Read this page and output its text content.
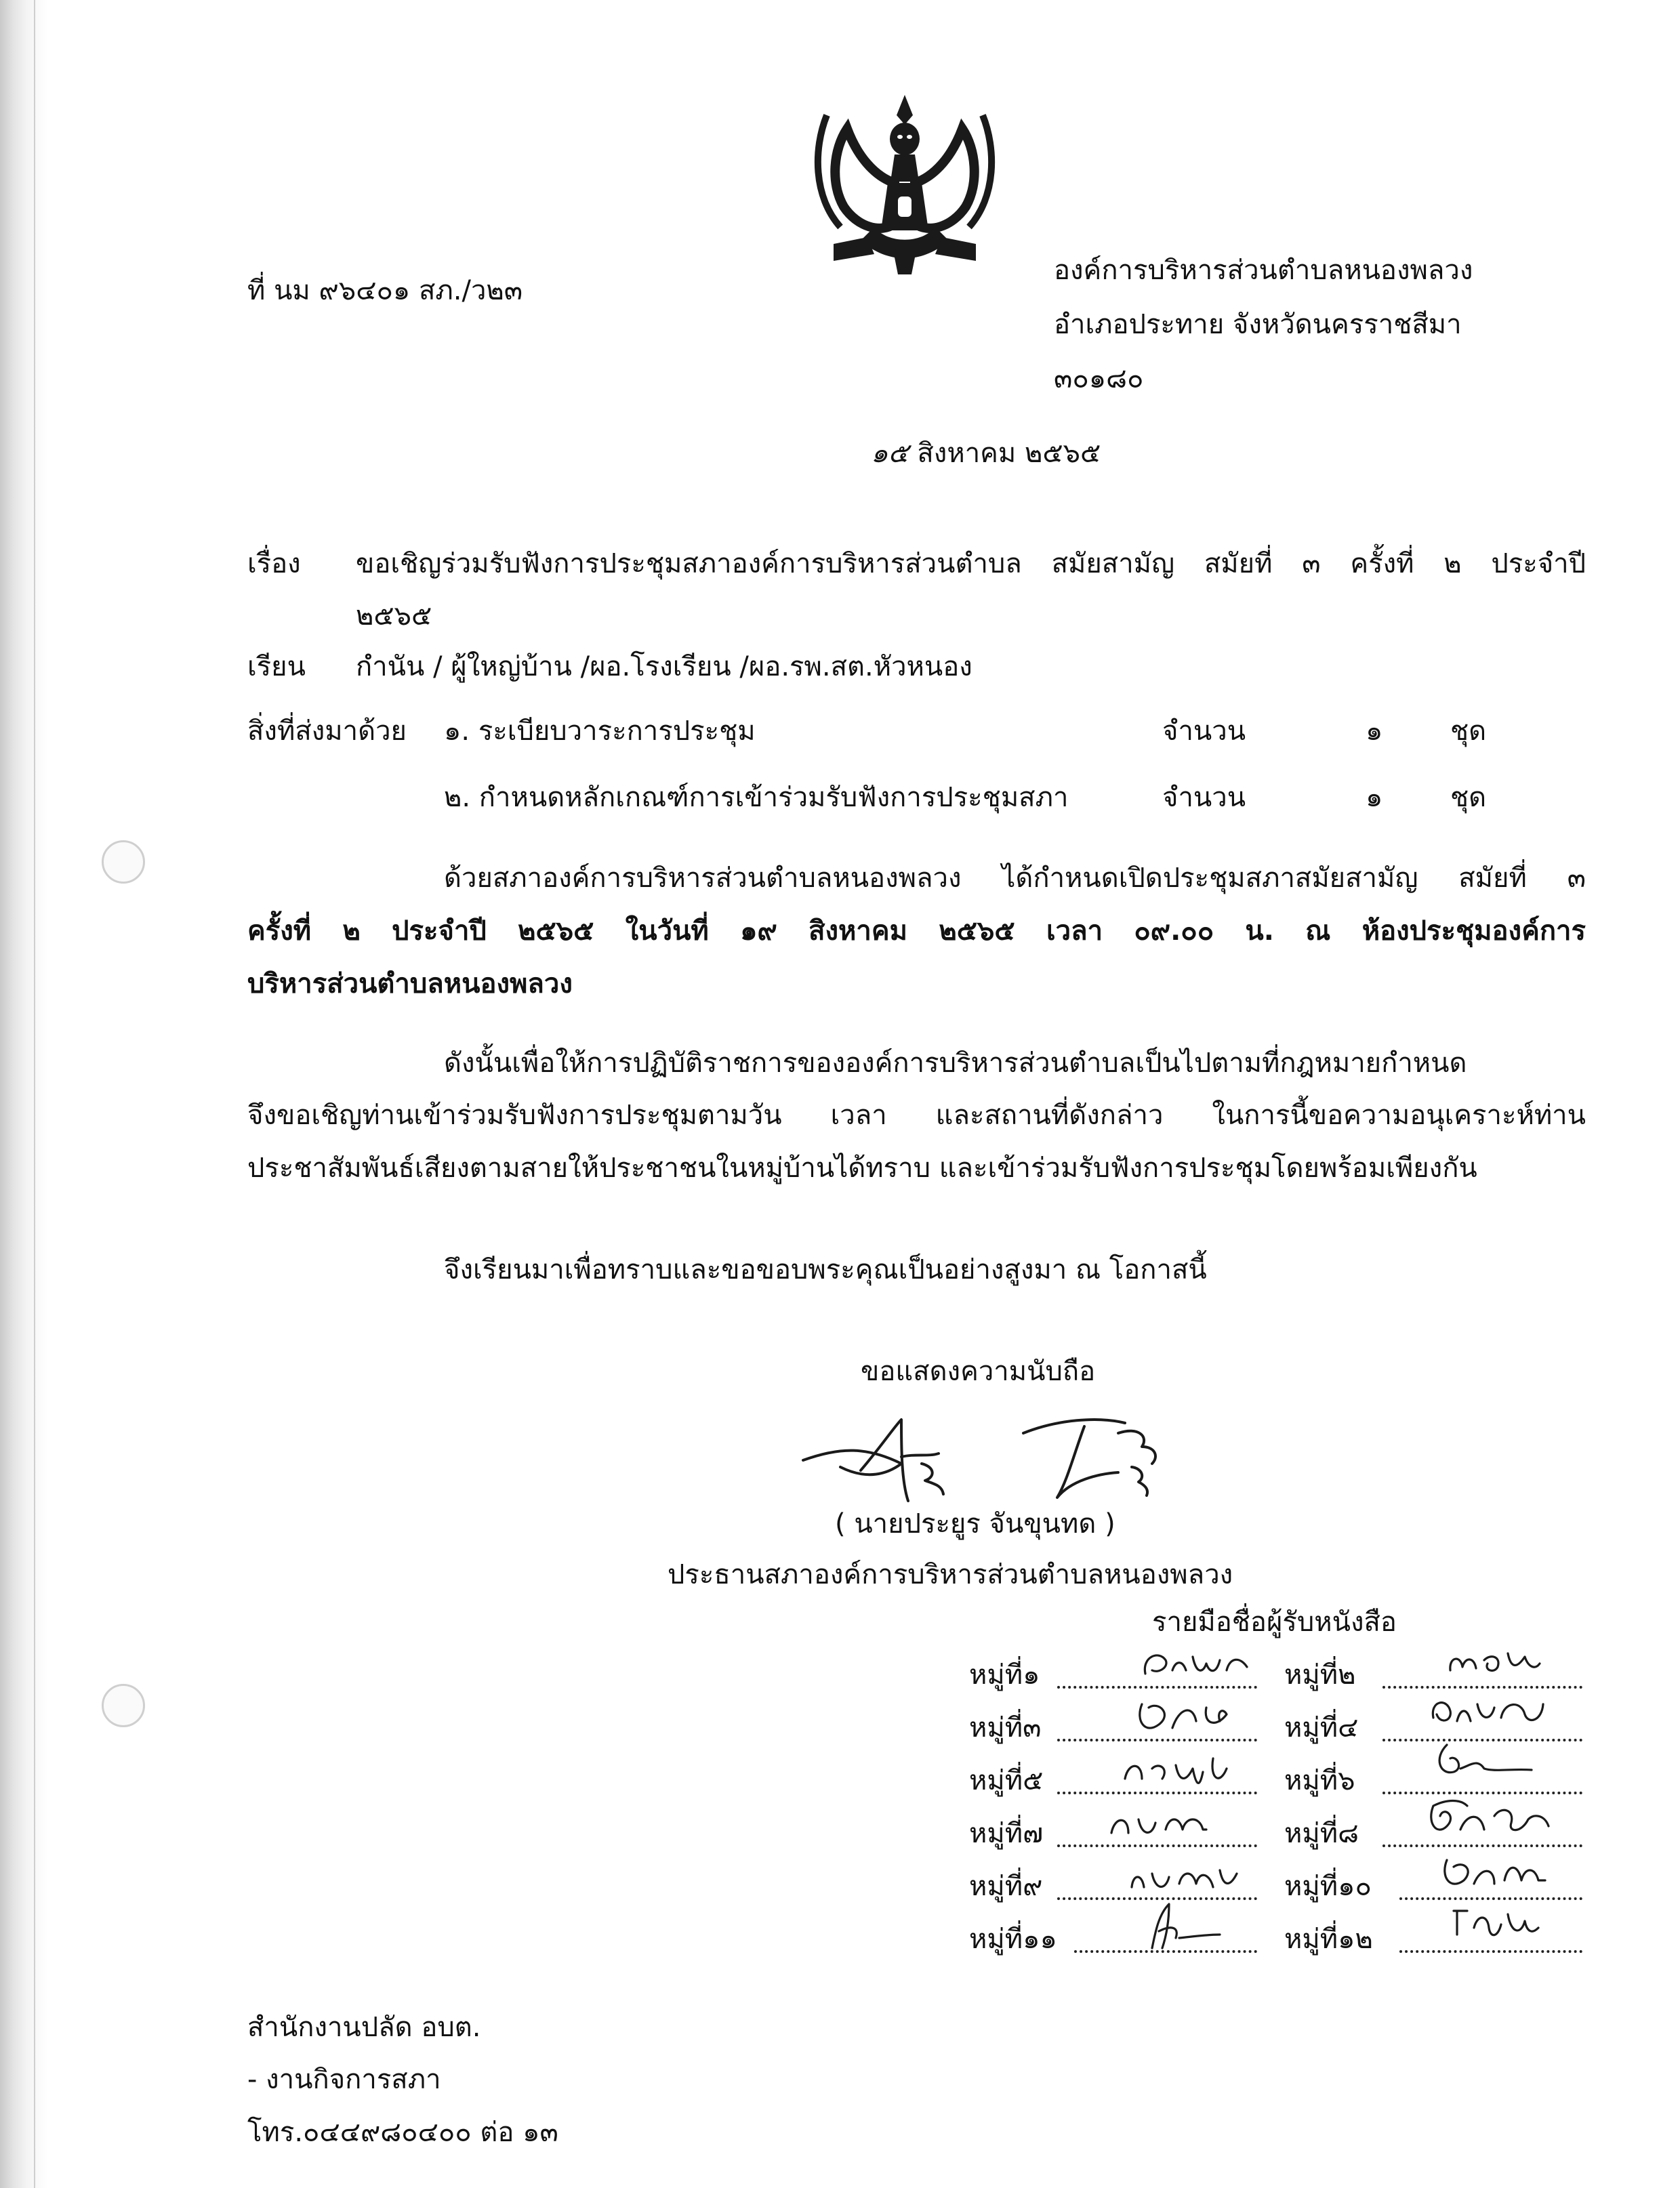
ที่ นม ๙๖๔๐๑ สภ./ว๒๓
องค์การบริหารส่วนตำบลหนองพลวง
อำเภอประทาย จังหวัดนครราชสีมา
๓๐๑๘๐
๑๕ สิงหาคม ๒๕๖๕
เรื่อง ขอเชิญร่วมรับฟังการประชุมสภาองค์การบริหารส่วนตำบล สมัยสามัญ สมัยที่ ๓ ครั้งที่ ๒ ประจำปี
๒๕๖๕
เรียน กำนัน / ผู้ใหญ่บ้าน /ผอ.โรงเรียน /ผอ.รพ.สต.หัวหนอง
สิ่งที่ส่งมาด้วย ๑. ระเบียบวาระการประชุม	จำนวน	๑ ชุด
๒. กำหนดหลักเกณฑ์การเข้าร่วมรับฟังการประชุมสภา	จำนวน	๑ ชุด
ด้วยสภาองค์การบริหารส่วนตำบลหนองพลวง ได้กำหนดเปิดประชุมสภาสมัยสามัญ สมัยที่ ๓
ครั้งที่ ๒ ประจำปี ๒๕๖๕ ในวันที่ ๑๙ สิงหาคม ๒๕๖๕ เวลา ๐๙.๐๐ น. ณ ห้องประชุมองค์การ
บริหารส่วนตำบลหนองพลวง
ดังนั้นเพื่อให้การปฏิบัติราชการขององค์การบริหารส่วนตำบลเป็นไปตามที่กฎหมายกำหนด
จึงขอเชิญท่านเข้าร่วมรับฟังการประชุมตามวัน เวลา และสถานที่ดังกล่าว ในการนี้ขอความอนุเคราะห์ท่าน
ประชาสัมพันธ์เสียงตามสายให้ประชาชนในหมู่บ้านได้ทราบ และเข้าร่วมรับฟังการประชุมโดยพร้อมเพียงกัน
จึงเรียนมาเพื่อทราบและขอขอบพระคุณเป็นอย่างสูงมา ณ โอกาสนี้
ขอแสดงความนับถือ
( นายประยูร จันขุนทด )
ประธานสภาองค์การบริหารส่วนตำบลหนองพลวง
รายมือชื่อผู้รับหนังสือ
หมู่ที่๑	หมู่ที่๒
หมู่ที่๓	หมู่ที่๔
หมู่ที่๕	หมู่ที่๖
หมู่ที่๗	หมู่ที่๘
หมู่ที่๙	หมู่ที่๑๐
หมู่ที่๑๑	หมู่ที่๑๒
สำนักงานปลัด อบต.
- งานกิจการสภา
โทร.๐๔๔๙๘๐๔๐๐ ต่อ ๑๓
